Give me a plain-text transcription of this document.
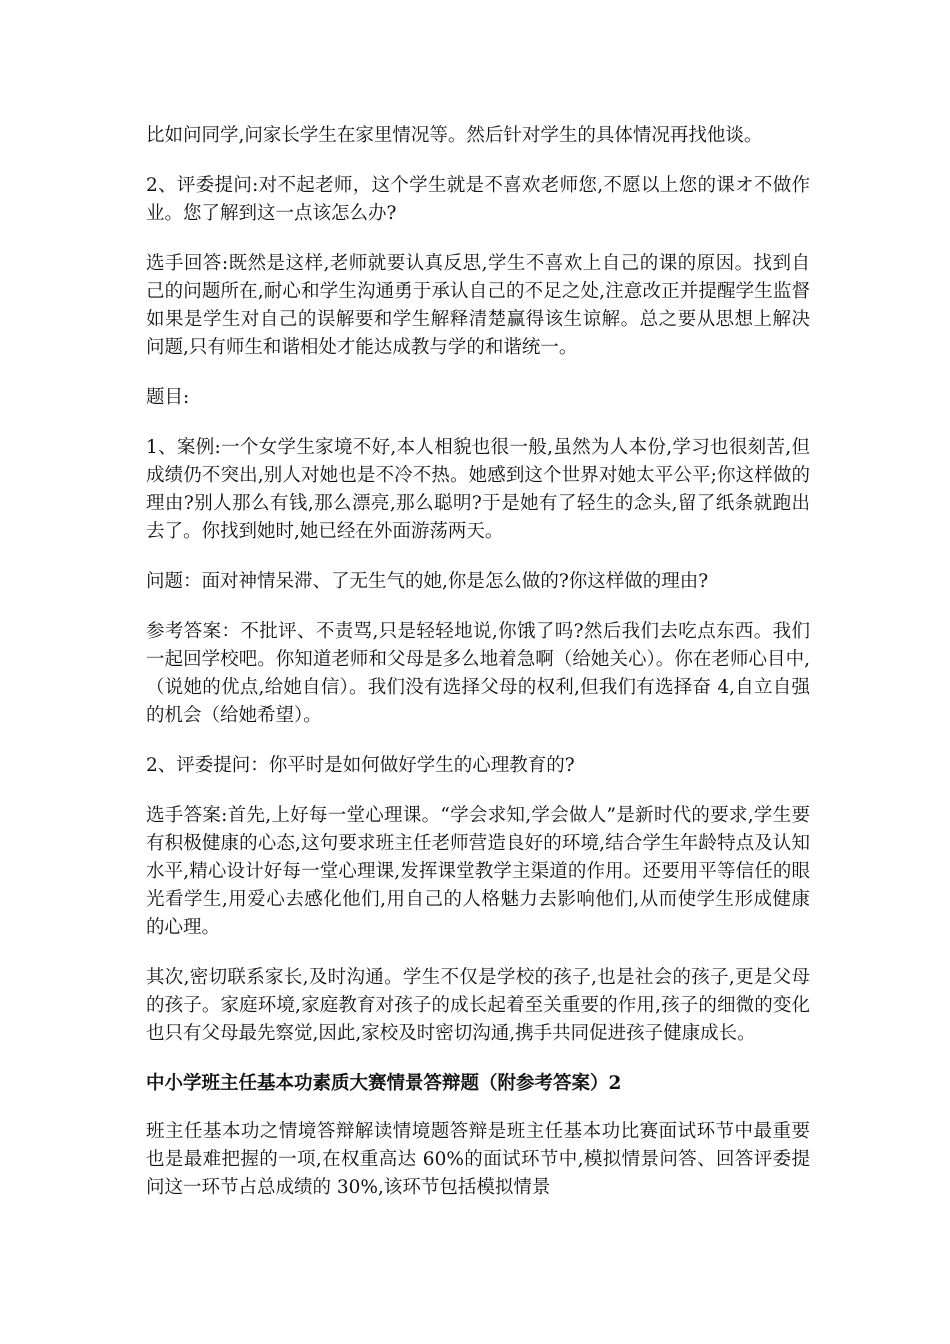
比如问同学,问家长学生在家里情况等。然后针对学生的具体情况再找他谈。

2、评委提问:对不起老师，这个学生就是不喜欢老师您,不愿以上您的课オ不做作业。您了解到这一点该怎么办?

选手回答:既然是这样,老师就要认真反思,学生不喜欢上自己的课的原因。找到自己的问题所在,耐心和学生沟通勇于承认自己的不足之处,注意改正并提醒学生监督如果是学生对自己的误解要和学生解释清楚赢得该生谅解。总之要从思想上解决问题,只有师生和谐相处才能达成教与学的和谐统一。

题目:

1、案例:一个女学生家境不好,本人相貌也很一般,虽然为人本份,学习也很刻苦,但成绩仍不突出,别人对她也是不冷不热。她感到这个世界对她太平公平;你这样做的理由?别人那么有钱,那么漂亮,那么聪明?于是她有了轻生的念头,留了纸条就跑出去了。你找到她时,她已经在外面游荡两天。

问题：面对神情呆滞、了无生气的她,你是怎么做的?你这样做的理由?

参考答案：不批评、不责骂,只是轻轻地说,你饿了吗?然后我们去吃点东西。我们一起回学校吧。你知道老师和父母是多么地着急啊（给她关心）。你在老师心目中,（说她的优点,给她自信）。我们没有选择父母的权利,但我们有选择奋 4,自立自强的机会（给她希望）。

2、评委提问：你平时是如何做好学生的心理教育的?

选手答案:首先,上好每一堂心理课。“学会求知,学会做人”是新时代的要求,学生要有积极健康的心态,这句要求班主任老师营造良好的环境,结合学生年龄特点及认知水平,精心设计好每一堂心理课,发挥课堂教学主渠道的作用。还要用平等信任的眼光看学生,用爱心去感化他们,用自己的人格魅力去影响他们,从而使学生形成健康的心理。

其次,密切联系家长,及时沟通。学生不仅是学校的孩子,也是社会的孩子,更是父母的孩子。家庭环境,家庭教育对孩子的成长起着至关重要的作用,孩子的细微的变化也只有父母最先察觉,因此,家校及时密切沟通,携手共同促进孩子健康成长。

中小学班主任基本功素质大赛情景答辩题（附参考答案）2

班主任基本功之情境答辩解读情境题答辩是班主任基本功比赛面试环节中最重要也是最难把握的一项,在权重高达 60%的面试环节中,模拟情景问答、回答评委提问这一环节占总成绩的 30%,该环节包括模拟情景
